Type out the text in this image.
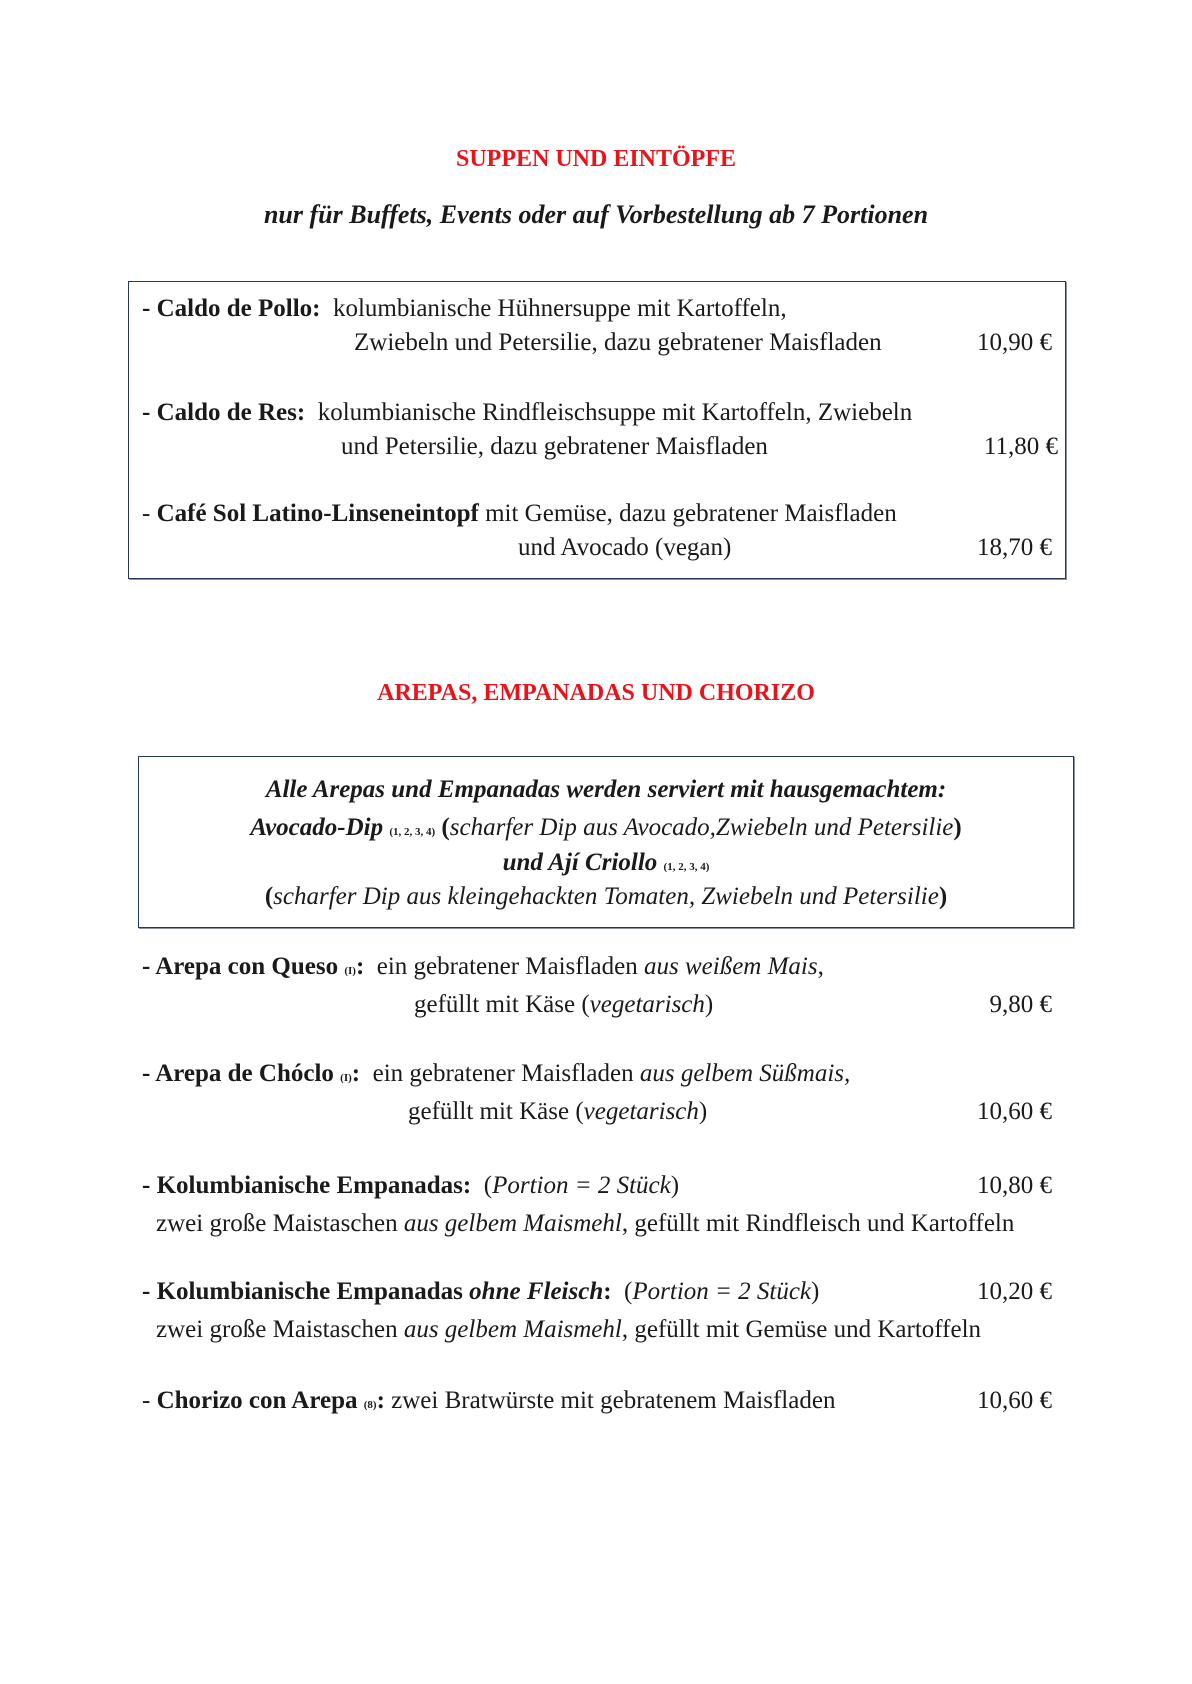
SUPPEN UND EINTÖPFE
nur für Buffets, Events oder auf Vorbestellung ab 7 Portionen
- Caldo de Pollo: kolumbianische Hühnersuppe mit Kartoffeln,
Zwiebeln und Petersilie, dazu gebratener Maisfladen	10,90 €
- Caldo de Res: kolumbianische Rindfleischsuppe mit Kartoffeln, Zwiebeln
und Petersilie, dazu gebratener Maisfladen	11,80 €
- Café Sol Latino-Linseneintopf mit Gemüse, dazu gebratener Maisfladen
und Avocado (vegan)	18,70 €
AREPAS, EMPANADAS UND CHORIZO
Alle Arepas und Empanadas werden serviert mit hausgemachtem:
Avocado-Dip (1, 2, 3, 4) (scharfer Dip aus Avocado,Zwiebeln und Petersilie)
und Ají Criollo (1, 2, 3, 4)
(scharfer Dip aus kleingehackten Tomaten, Zwiebeln und Petersilie)
- Arepa con Queso (I): ein gebratener Maisfladen aus weißem Mais,
gefüllt mit Käse (vegetarisch)	9,80 €
- Arepa de Chóclo (I): ein gebratener Maisfladen aus gelbem Süßmais,
gefüllt mit Käse (vegetarisch)	10,60 €
- Kolumbianische Empanadas: (Portion = 2 Stück)	10,80 €
zwei große Maistaschen aus gelbem Maismehl, gefüllt mit Rindfleisch und Kartoffeln
- Kolumbianische Empanadas ohne Fleisch: (Portion = 2 Stück)	10,20 €
zwei große Maistaschen aus gelbem Maismehl, gefüllt mit Gemüse und Kartoffeln
- Chorizo con Arepa (8): zwei Bratwürste mit gebratenem Maisfladen	10,60 €
